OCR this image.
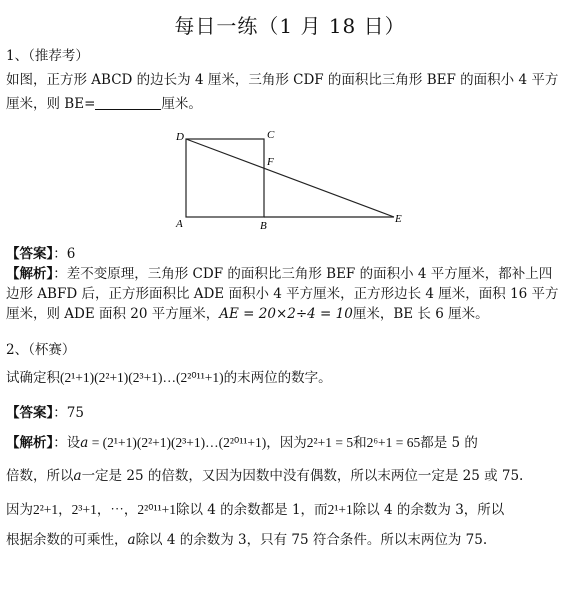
每日一练（1 月 18 日）
1、（推荐考）
如图，正方形 ABCD 的边长为 4 厘米，三角形 CDF 的面积比三角形 BEF 的面积小 4 平方
厘米，则 BE=	厘米。
D	C
F
A	B
E
【答案】：6
【解析】：差不变原理，三角形 CDF 的面积比三角形 BEF 的面积小 4 平方厘米，都补上四
边形 ABFD 后，正方形面积比 ADE 面积小 4 平方厘米，正方形边长 4 厘米，面积 16 平方
厘米，则 ADE 面积 20 平方厘米，AE = 20×2÷4 = 10厘米，BE 长 6 厘米。
2、（杯赛）
试确定积(2¹+1)(2²+1)(2³+1)…(2²⁰¹¹+1)的末两位的数字。
【答案】：75
【解析】：设a = (2¹+1)(2²+1)(2³+1)…(2²⁰¹¹+1)，因为2²+1 = 5和2⁶+1 = 65都是 5 的
倍数，所以a一定是 25 的倍数，又因为因数中没有偶数，所以末两位一定是 25 或 75.
因为2²+1，2³+1，⋯，2²⁰¹¹+1除以 4 的余数都是 1，而2¹+1除以 4 的余数为 3，所以
根据余数的可乘性，a除以 4 的余数为 3，只有 75 符合条件。所以末两位为 75.
